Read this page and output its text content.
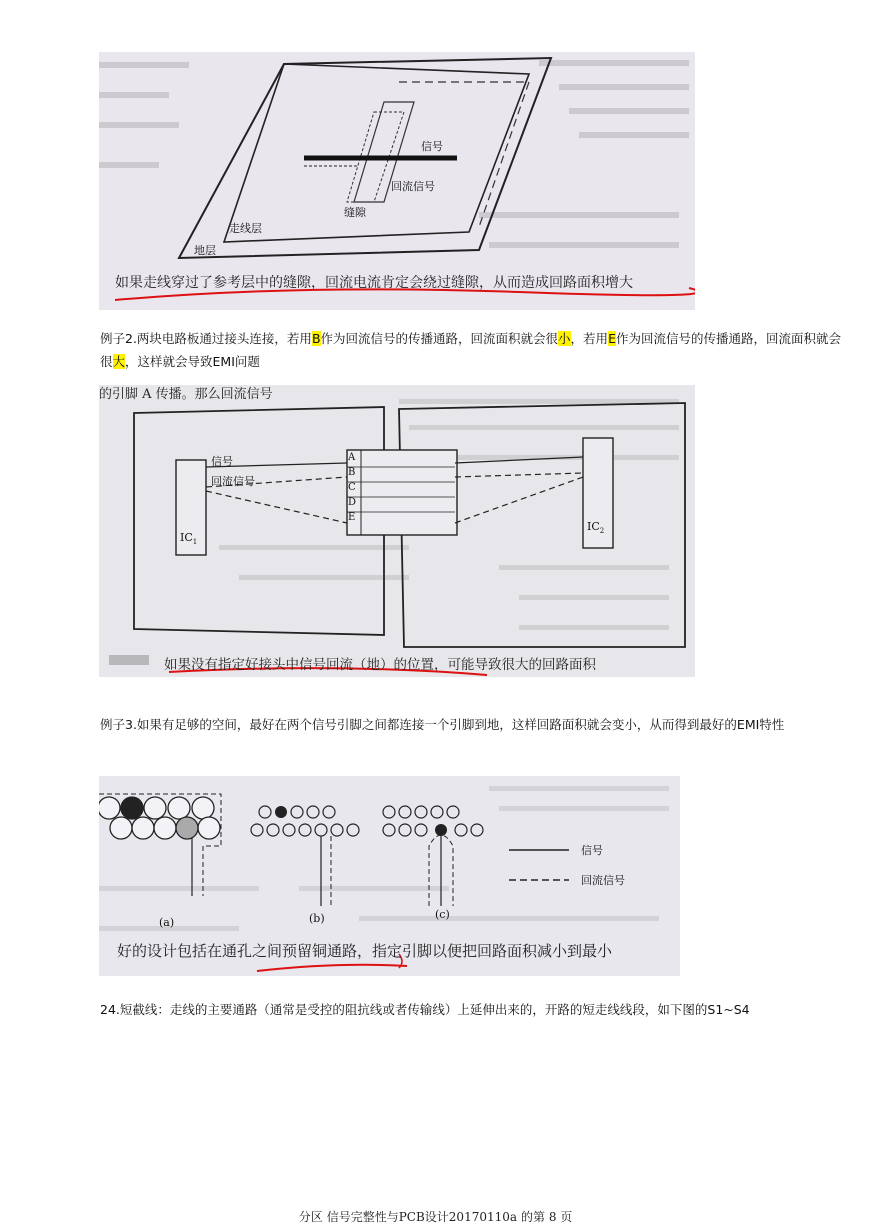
信号
回流信号
缝隙
走线层
地层
如果走线穿过了参考层中的缝隙，回流电流肯定会绕过缝隙，从而造成回路面积增大
例子2.两块电路板通过接头连接，若用B作为回流信号的传播通路，回流面积就会很小，若用E作为回流信号的传播通路，回流面积就会很大，这样就会导致EMI问题
的引脚 A 传播。那么回流信号
信号
回流信号
A
B
C
D
E
$IC_1$
$IC_2$
如果没有指定好接头中信号回流（地）的位置，可能导致很大的回路面积
例子3.如果有足够的空间，最好在两个信号引脚之间都连接一个引脚到地，这样回路面积就会变小，从而得到最好的EMI特性
(a)	(b)	(c)
信号
回流信号
好的设计包括在通孔之间预留铜通路，指定引脚以便把回路面积减小到最小
24.短截线：走线的主要通路（通常是受控的阻抗线或者传输线）上延伸出来的，开路的短走线线段，如下图的S1~S4
分区 信号完整性与PCB设计20170110a 的第 8 页
